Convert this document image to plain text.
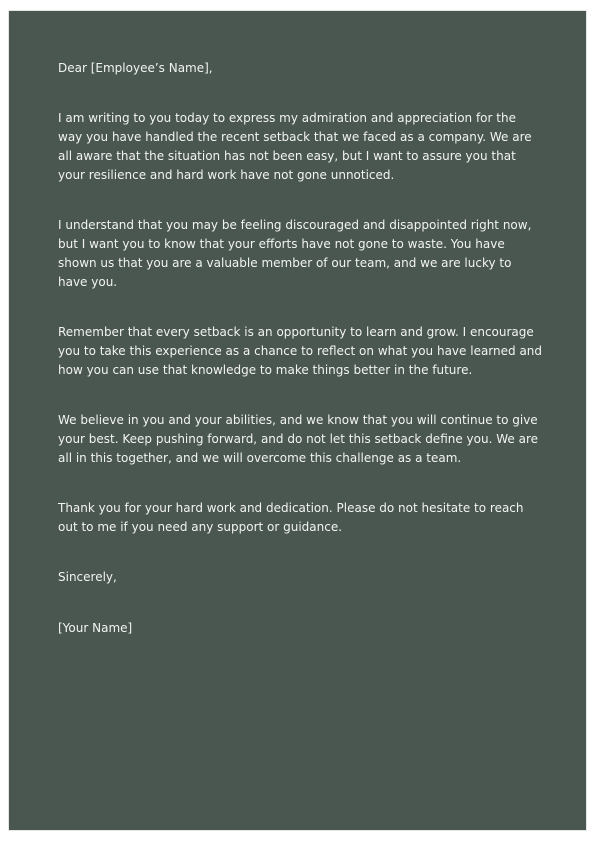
Dear [Employee’s Name],

I am writing to you today to express my admiration and appreciation for the way you have handled the recent setback that we faced as a company. We are all aware that the situation has not been easy, but I want to assure you that your resilience and hard work have not gone unnoticed.

I understand that you may be feeling discouraged and disappointed right now, but I want you to know that your efforts have not gone to waste. You have shown us that you are a valuable member of our team, and we are lucky to have you.

Remember that every setback is an opportunity to learn and grow. I encourage you to take this experience as a chance to reflect on what you have learned and how you can use that knowledge to make things better in the future.

We believe in you and your abilities, and we know that you will continue to give your best. Keep pushing forward, and do not let this setback define you. We are all in this together, and we will overcome this challenge as a team.

Thank you for your hard work and dedication. Please do not hesitate to reach out to me if you need any support or guidance.

Sincerely,

[Your Name]
